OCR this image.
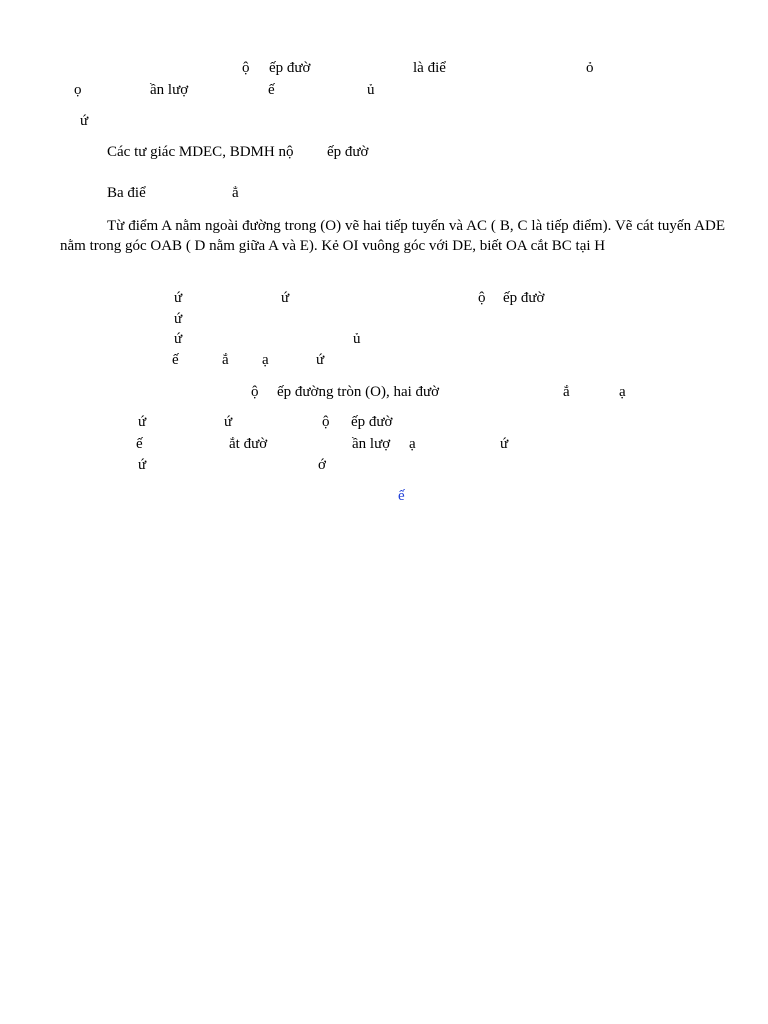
ộ ếp đườ	là điể	ỏ
ọ	ần lượ	ế	ủ
ứ
Các tư giác MDEC, BDMH nộ ếp đườ
Ba điể	ẳ
Từ điểm A nằm ngoài đường trong (O) vẽ hai tiếp tuyến và AC ( B, C là tiếp điểm). Vẽ cát tuyến ADE nằm trong góc OAB ( D nằm giữa A và E). Kẻ OI vuông góc với DE, biết OA cắt BC tại H
ứ	ứ	ộ ếp đườ
ứ
ứ	ủ
ế	ắ ạ	ứ
ộ ếp đường tròn (O), hai đườ	ắ	ạ
ứ	ứ	ộ ếp đườ
ế	ắt đườ	ần lượ ạ	ứ
ứ	ớ
ế
